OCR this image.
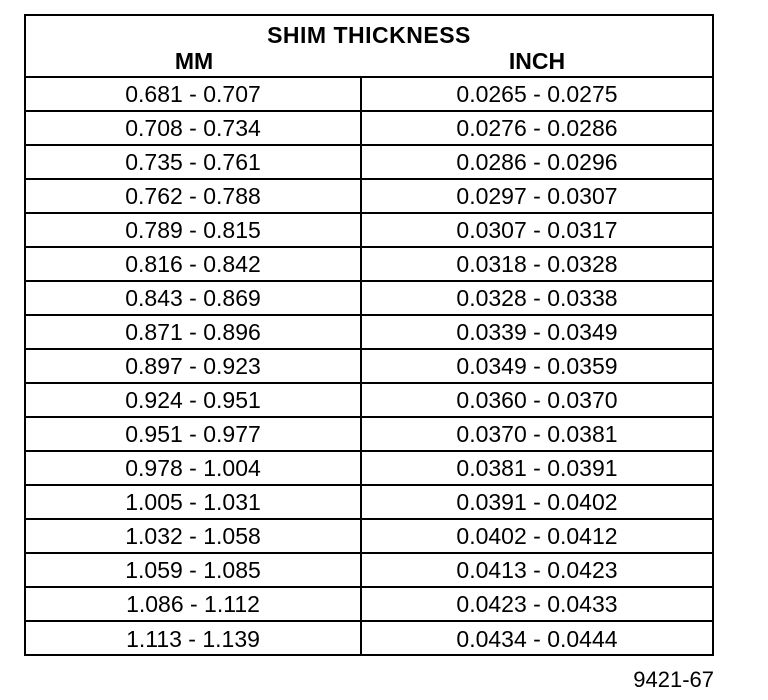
SHIM THICKNESS
MM	INCH
0.681 - 0.707	0.0265 - 0.0275
0.708 - 0.734	0.0276 - 0.0286
0.735 - 0.761	0.0286 - 0.0296
0.762 - 0.788	0.0297 - 0.0307
0.789 - 0.815	0.0307 - 0.0317
0.816 - 0.842	0.0318 - 0.0328
0.843 - 0.869	0.0328 - 0.0338
0.871 - 0.896	0.0339 - 0.0349
0.897 - 0.923	0.0349 - 0.0359
0.924 - 0.951	0.0360 - 0.0370
0.951 - 0.977	0.0370 - 0.0381
0.978 - 1.004	0.0381 - 0.0391
1.005 - 1.031	0.0391 - 0.0402
1.032 - 1.058	0.0402 - 0.0412
1.059 - 1.085	0.0413 - 0.0423
1.086 - 1.112	0.0423 - 0.0433
1.113 - 1.139	0.0434 - 0.0444
9421-67
